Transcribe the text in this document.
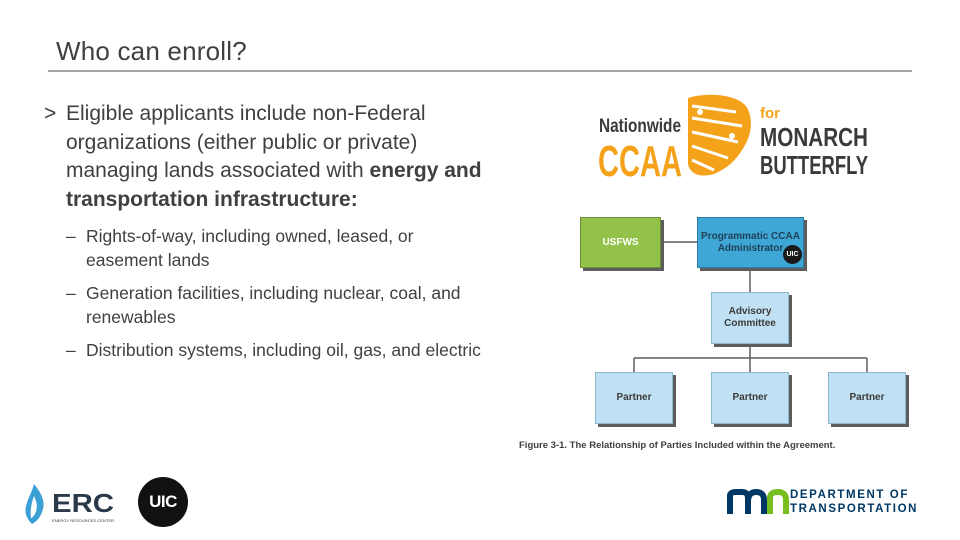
Who can enroll?
> Eligible applicants include non-Federal organizations (either public or private) managing lands associated with energy and transportation infrastructure:
– Rights-of-way, including owned, leased, or easement lands
– Generation facilities, including nuclear, coal, and renewables
– Distribution systems, including oil, gas, and electric
Nationwide
CCAA
for
MONARCH
BUTTERFLY
USFWS
Programmatic CCAA
Administrator
UIC
Advisory
Committee
Partner	Partner	Partner
Figure 3-1. The Relationship of Parties Included within the Agreement.
ERC
ENERGY RESOURCES CENTER
UIC	DEPARTMENT OF
TRANSPORTATION
